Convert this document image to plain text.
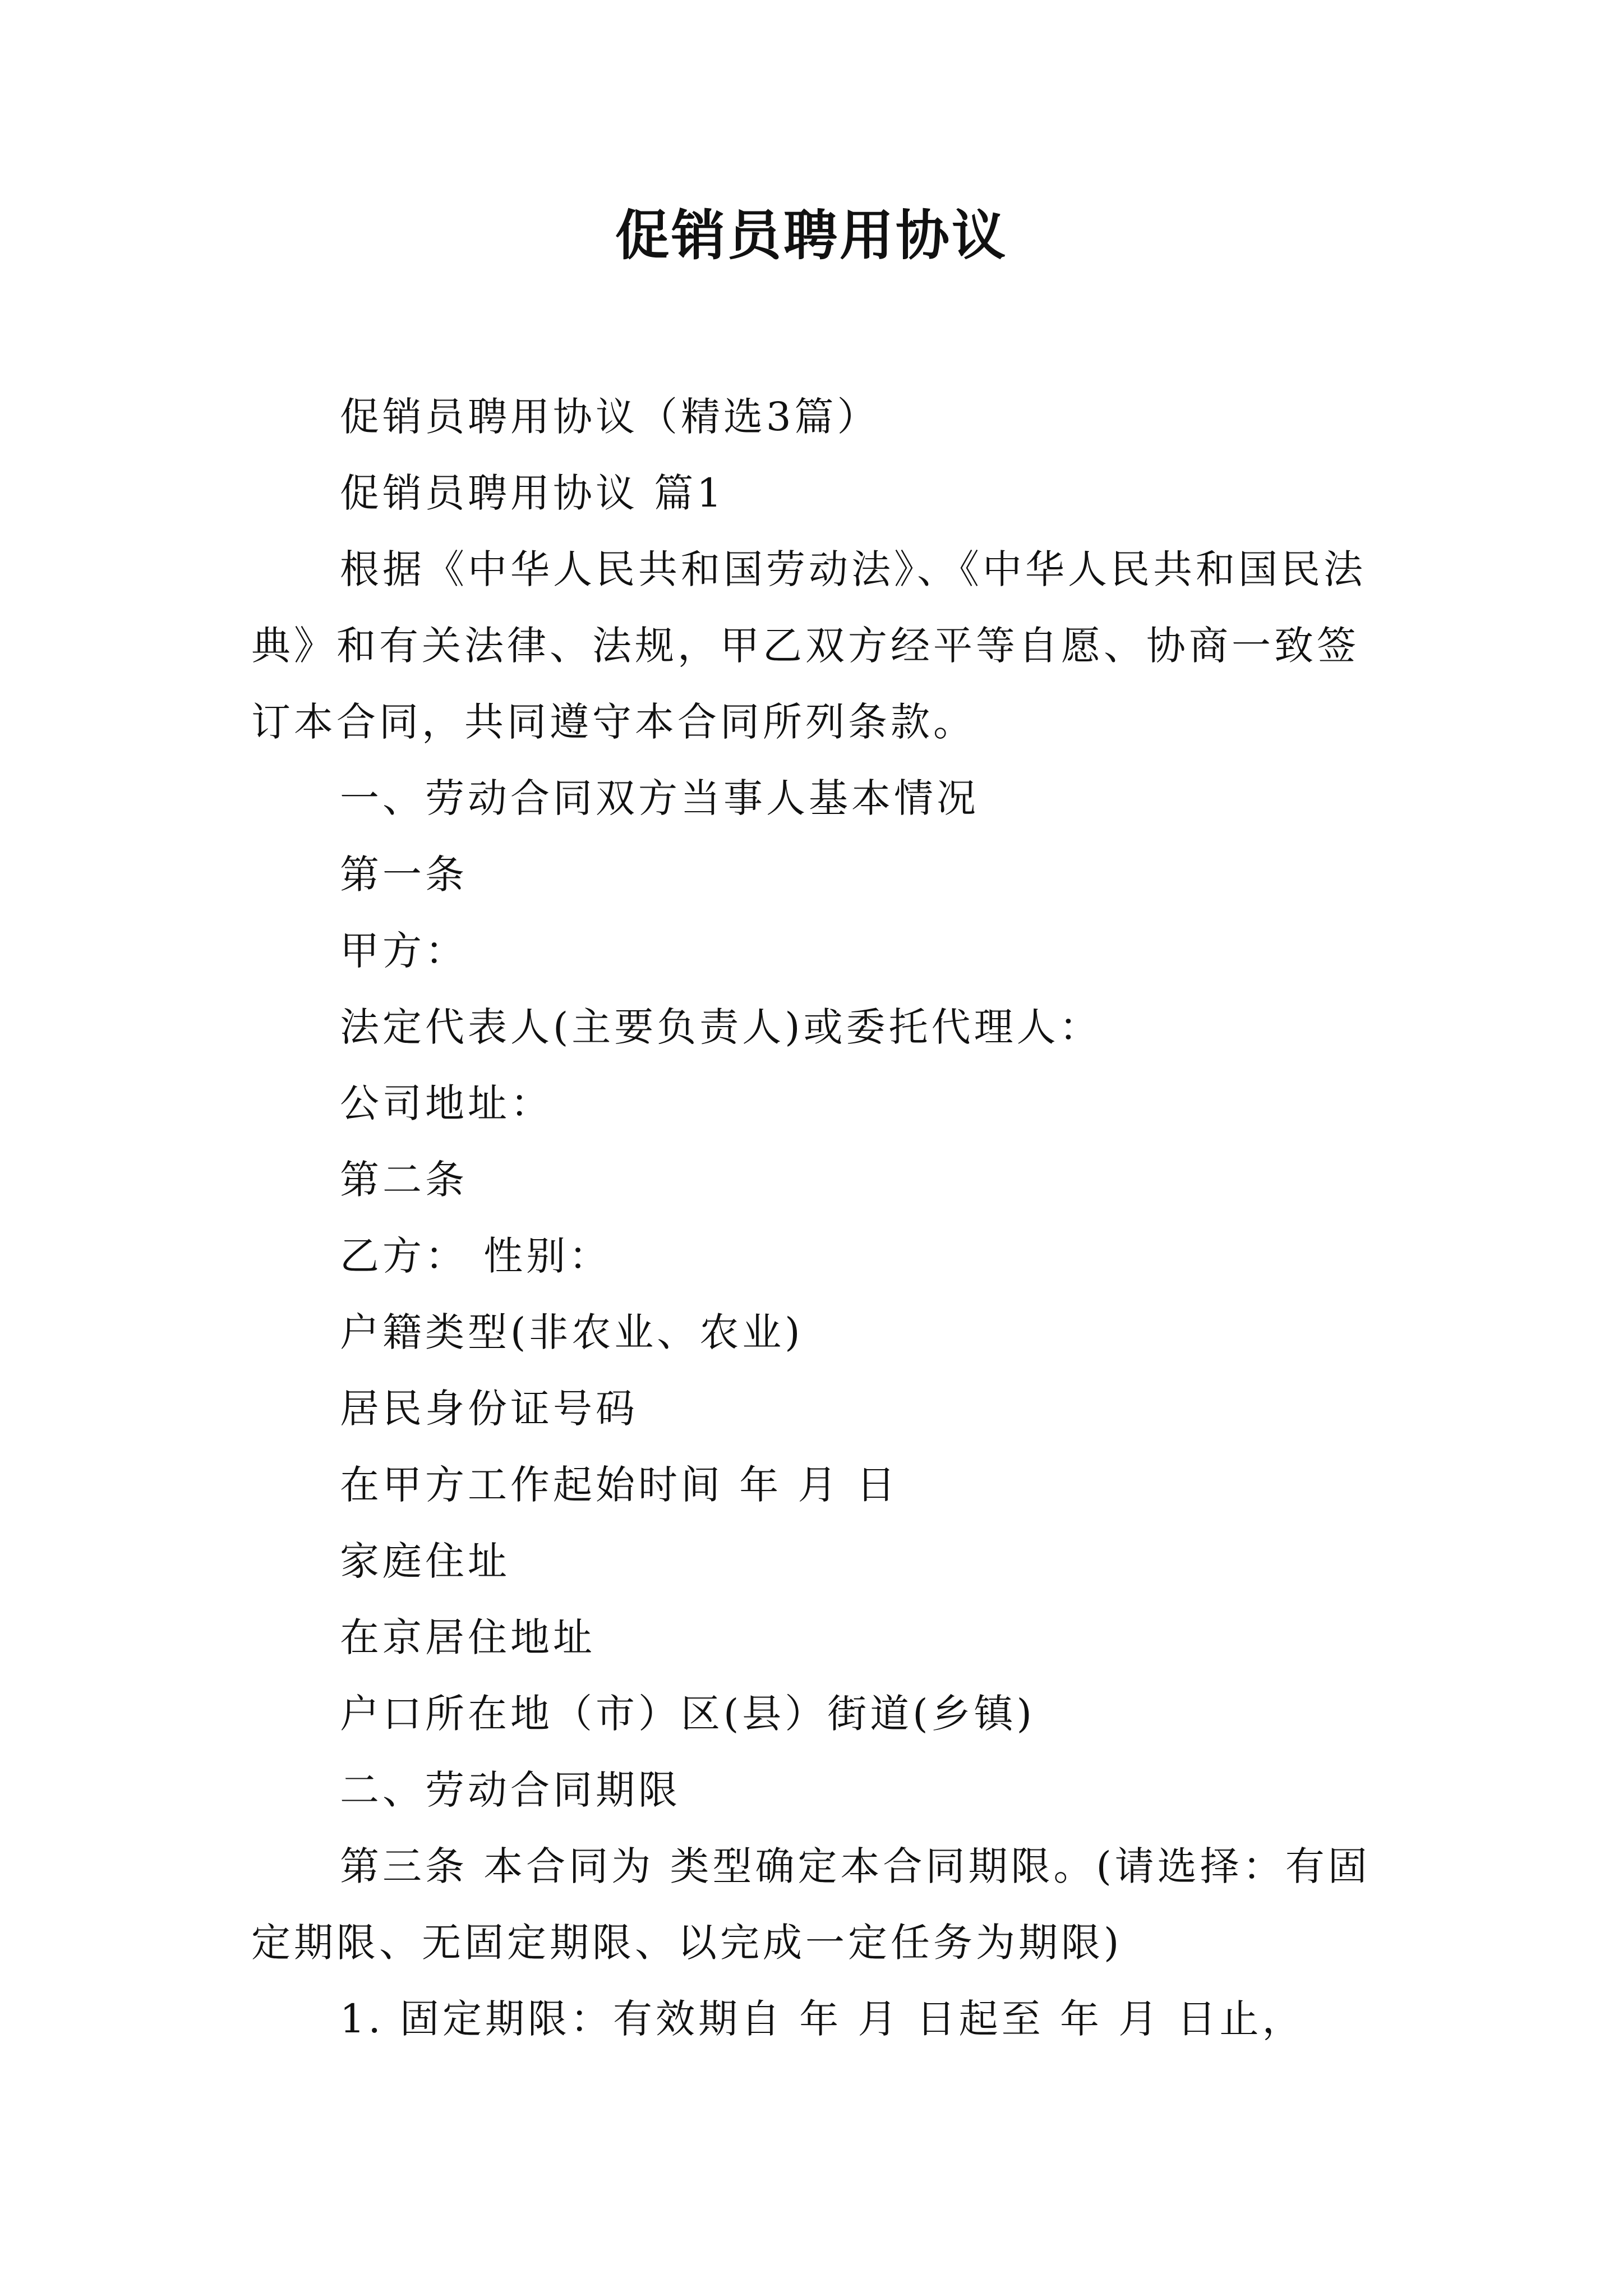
促销员聘用协议

促销员聘用协议（精选3篇）

促销员聘用协议 篇1

根据《中华人民共和国劳动法》、《中华人民共和国民法典》和有关法律、法规，甲乙双方经平等自愿、协商一致签订本合同，共同遵守本合同所列条款。

一、劳动合同双方当事人基本情况

第一条

甲方：

法定代表人(主要负责人)或委托代理人：

公司地址：

第二条

乙方： 性别：

户籍类型(非农业、农业)

居民身份证号码

在甲方工作起始时间 年 月 日

家庭住址

在京居住地址

户口所在地（市）区(县）街道(乡镇)

二、劳动合同期限

第三条 本合同为 类型确定本合同期限。(请选择：有固定期限、无固定期限、以完成一定任务为期限)

1. 固定期限：有效期自 年 月 日起至 年 月 日止，
